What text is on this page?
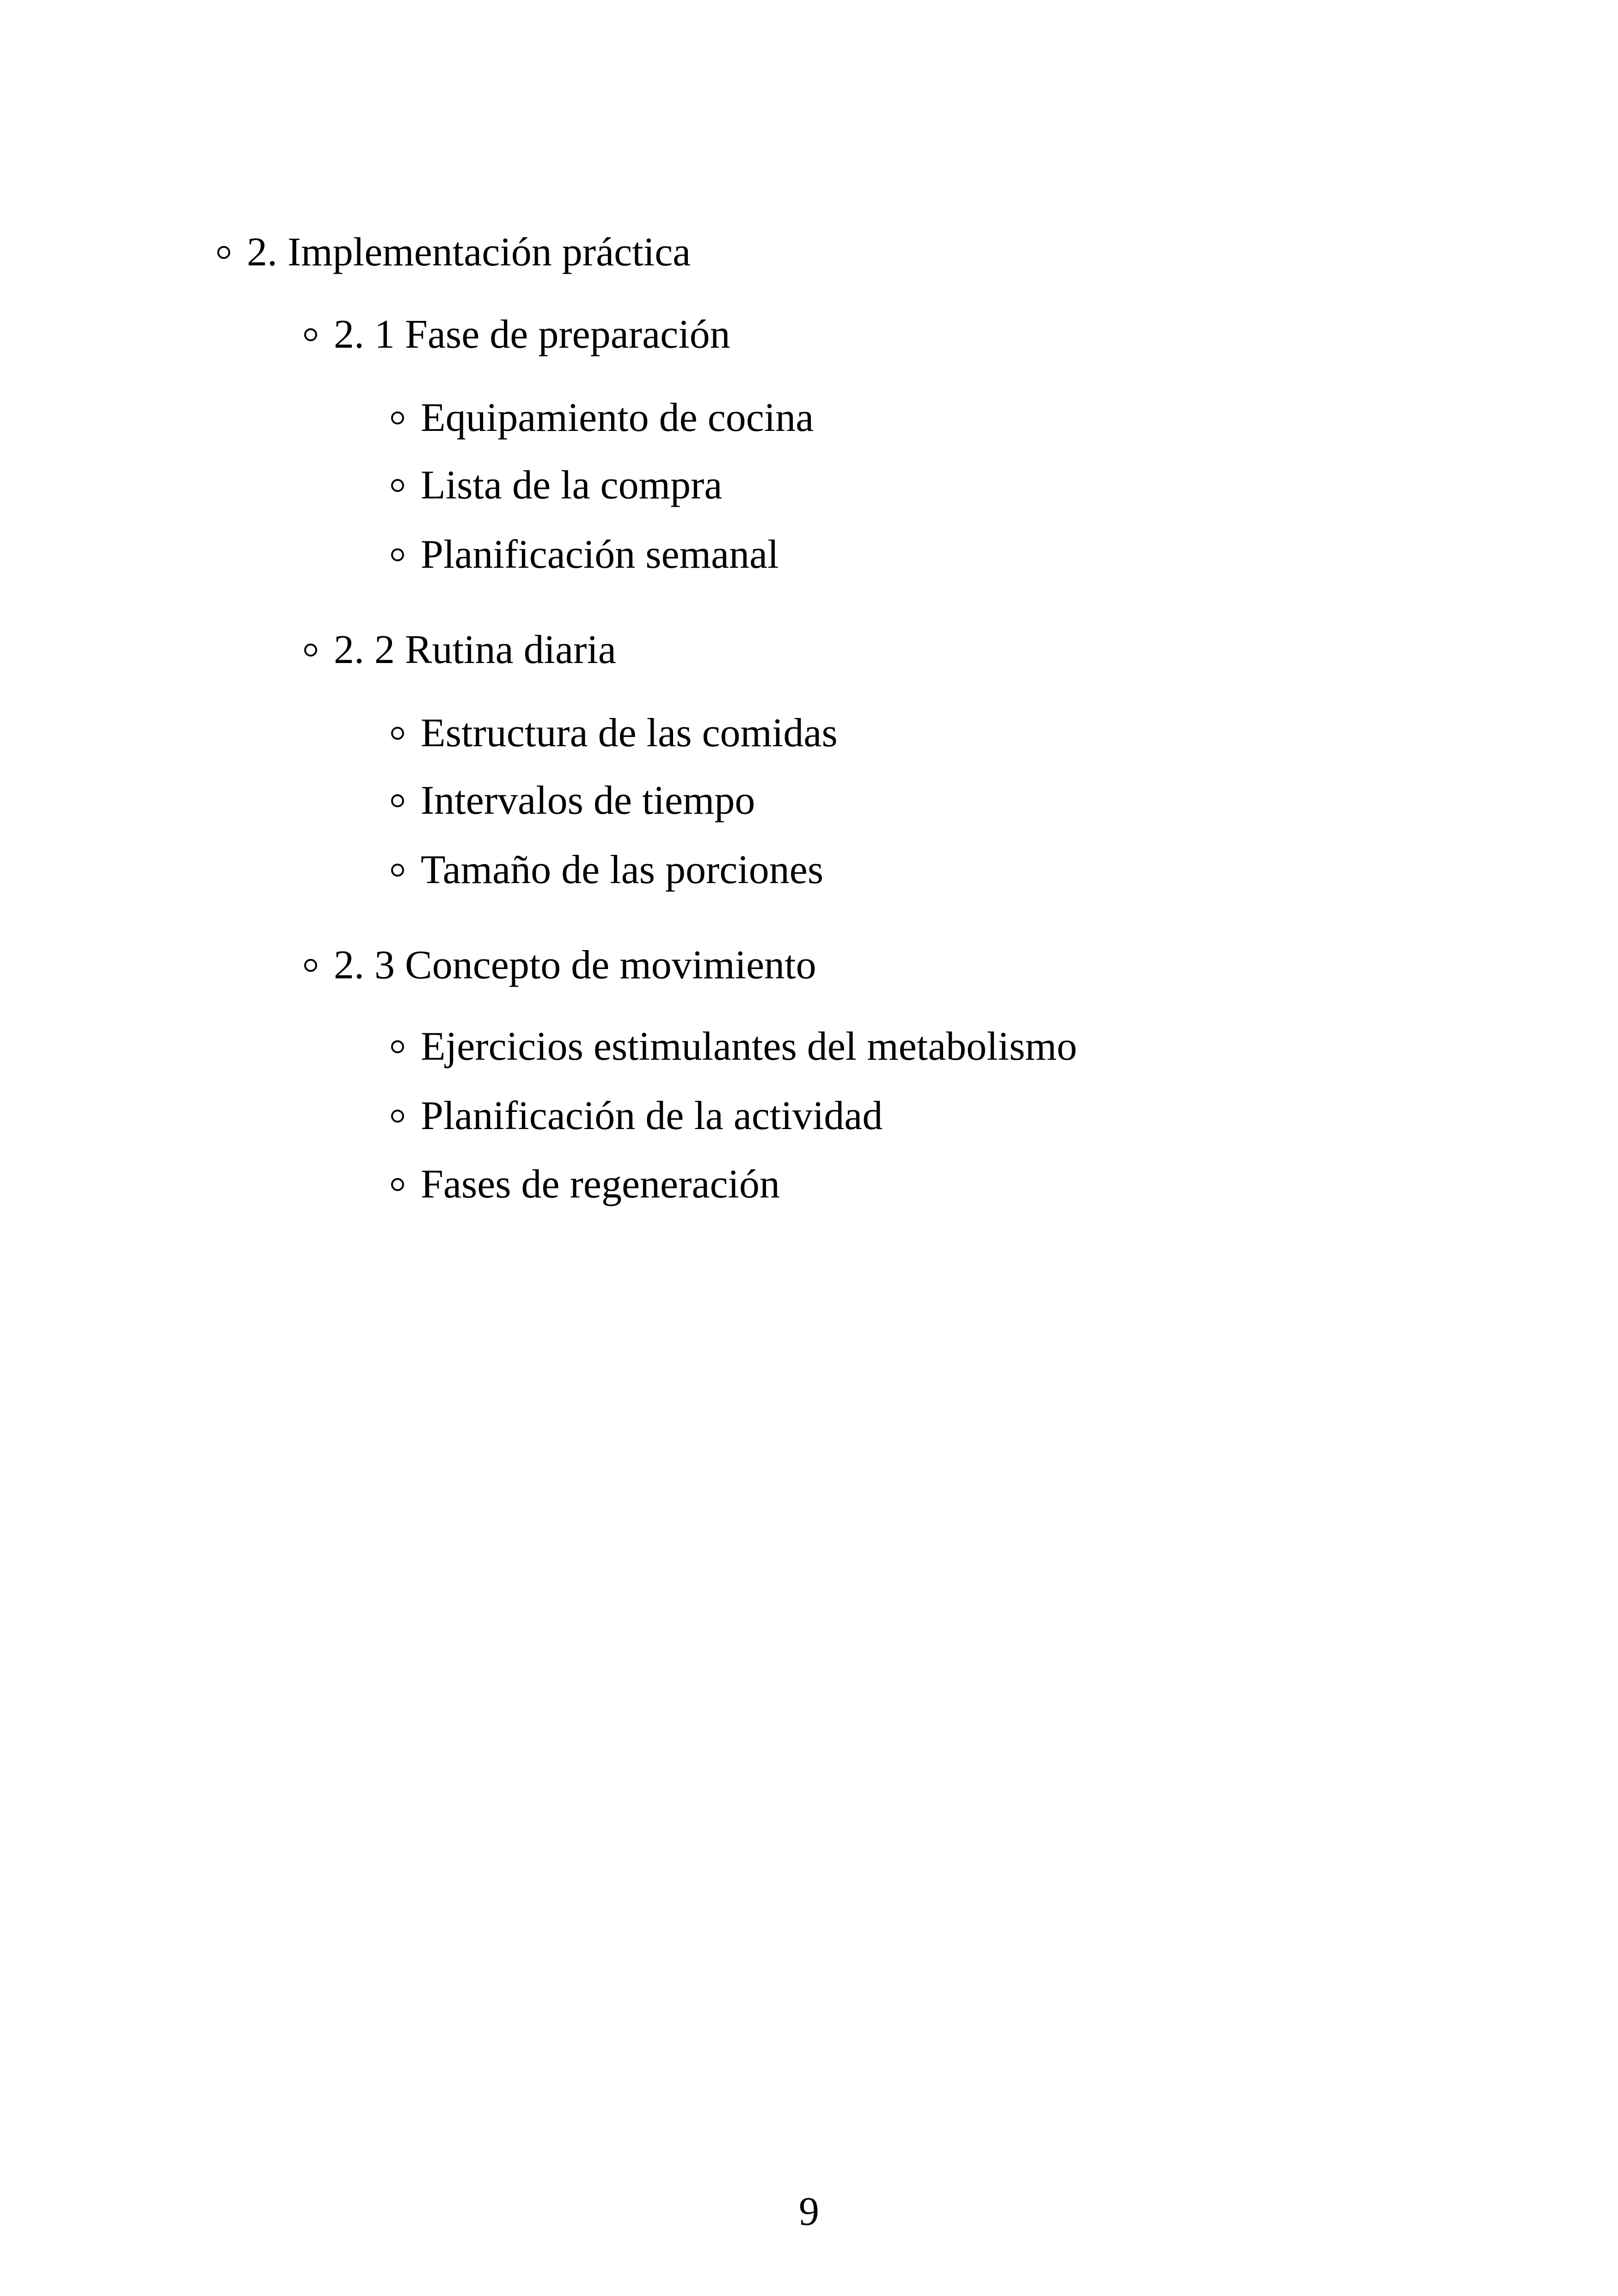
2. Implementación práctica
2. 1 Fase de preparación
Equipamiento de cocina
Lista de la compra
Planificación semanal
2. 2 Rutina diaria
Estructura de las comidas
Intervalos de tiempo
Tamaño de las porciones
2. 3 Concepto de movimiento
Ejercicios estimulantes del metabolismo
Planificación de la actividad
Fases de regeneración
9
